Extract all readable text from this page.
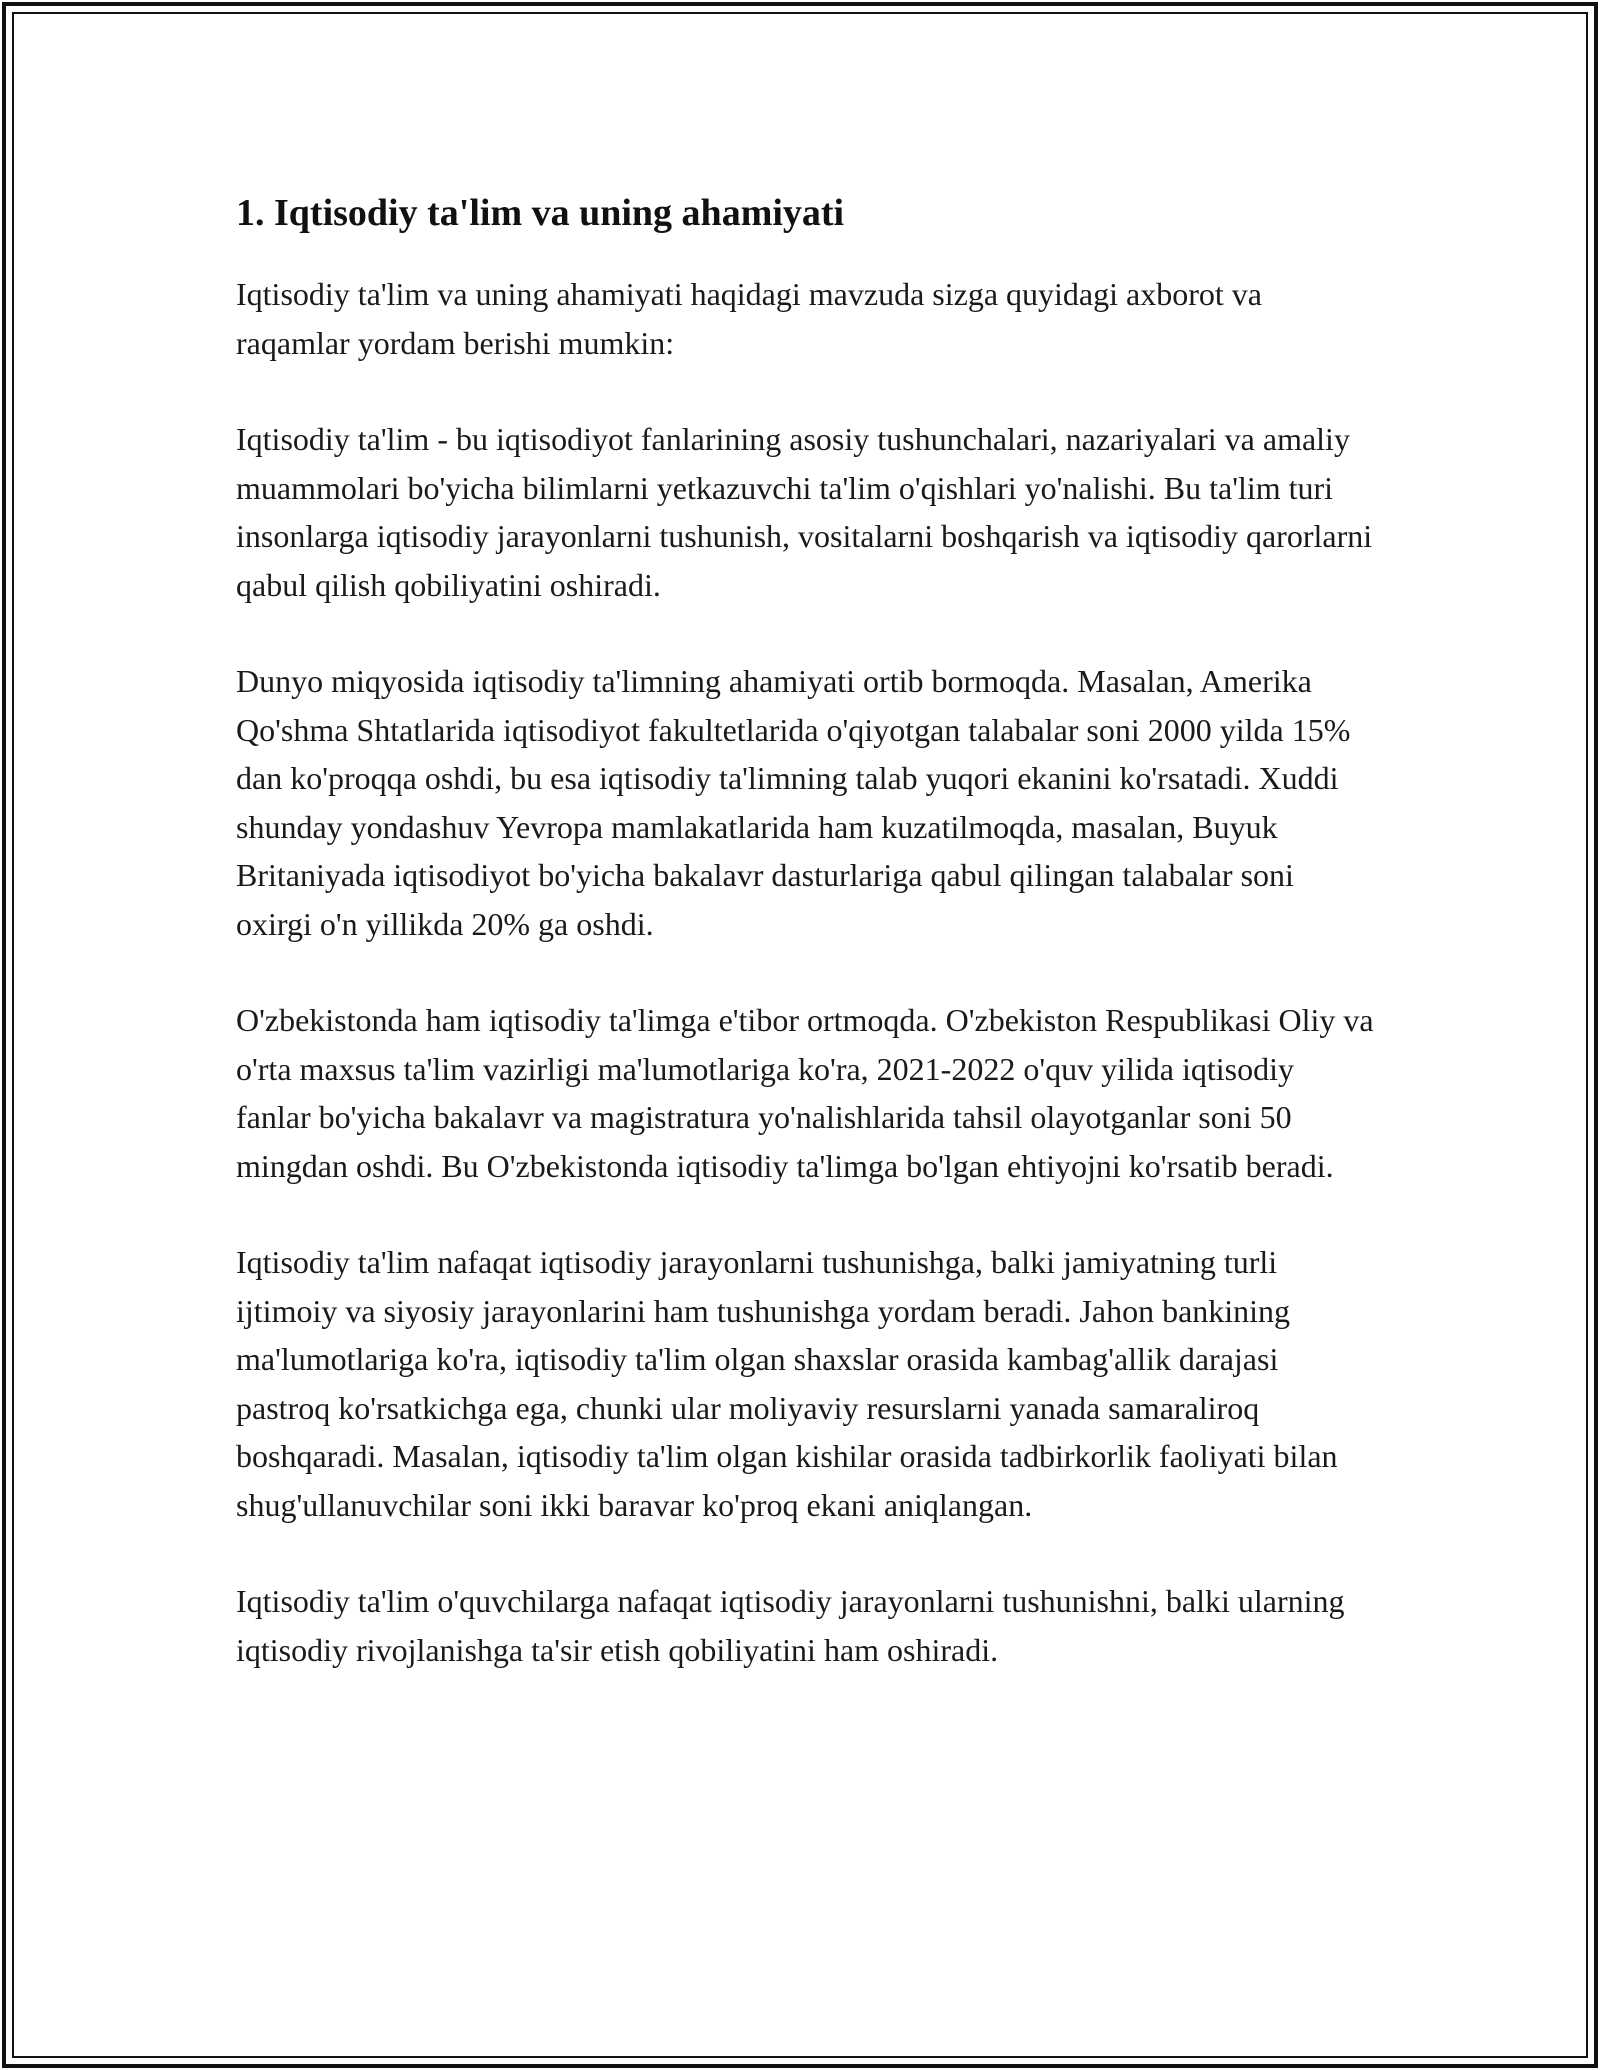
1. Iqtisodiy ta'lim va uning ahamiyati

Iqtisodiy ta'lim va uning ahamiyati haqidagi mavzuda sizga quyidagi axborot va raqamlar yordam berishi mumkin:

Iqtisodiy ta'lim - bu iqtisodiyot fanlarining asosiy tushunchalari, nazariyalari va amaliy muammolari bo'yicha bilimlarni yetkazuvchi ta'lim o'qishlari yo'nalishi. Bu ta'lim turi insonlarga iqtisodiy jarayonlarni tushunish, vositalarni boshqarish va iqtisodiy qarorlarni qabul qilish qobiliyatini oshiradi.

Dunyo miqyosida iqtisodiy ta'limning ahamiyati ortib bormoqda. Masalan, Amerika Qo'shma Shtatlarida iqtisodiyot fakultetlarida o'qiyotgan talabalar soni 2000 yilda 15% dan ko'proqqa oshdi, bu esa iqtisodiy ta'limning talab yuqori ekanini ko'rsatadi. Xuddi shunday yondashuv Yevropa mamlakatlarida ham kuzatilmoqda, masalan, Buyuk Britaniyada iqtisodiyot bo'yicha bakalavr dasturlariga qabul qilingan talabalar soni oxirgi o'n yillikda 20% ga oshdi.

O'zbekistonda ham iqtisodiy ta'limga e'tibor ortmoqda. O'zbekiston Respublikasi Oliy va o'rta maxsus ta'lim vazirligi ma'lumotlariga ko'ra, 2021-2022 o'quv yilida iqtisodiy fanlar bo'yicha bakalavr va magistratura yo'nalishlarida tahsil olayotganlar soni 50 mingdan oshdi. Bu O'zbekistonda iqtisodiy ta'limga bo'lgan ehtiyojni ko'rsatib beradi.

Iqtisodiy ta'lim nafaqat iqtisodiy jarayonlarni tushunishga, balki jamiyatning turli ijtimoiy va siyosiy jarayonlarini ham tushunishga yordam beradi. Jahon bankining ma'lumotlariga ko'ra, iqtisodiy ta'lim olgan shaxslar orasida kambag'allik darajasi pastroq ko'rsatkichga ega, chunki ular moliyaviy resurslarni yanada samaraliroq boshqaradi. Masalan, iqtisodiy ta'lim olgan kishilar orasida tadbirkorlik faoliyati bilan shug'ullanuvchilar soni ikki baravar ko'proq ekani aniqlangan.

Iqtisodiy ta'lim o'quvchilarga nafaqat iqtisodiy jarayonlarni tushunishni, balki ularning iqtisodiy rivojlanishga ta'sir etish qobiliyatini ham oshiradi.
